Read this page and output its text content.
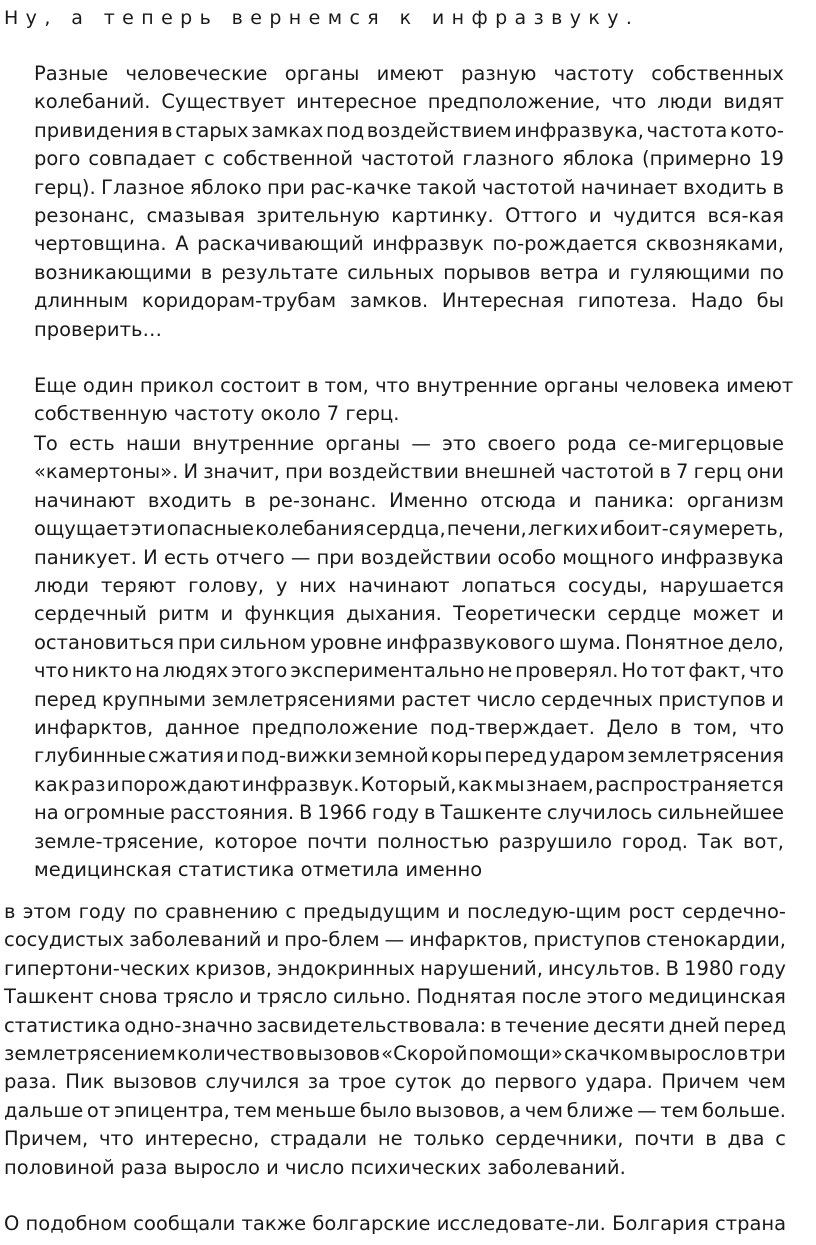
Ну, а теперь вернемся к инфразвуку.
Разные человеческие органы имеют разную частоту собственных
колебаний. Существует интересное предположение, что люди видят
привидения в старых замках под воздействием инфразвука, частота кото-
рого совпадает с собственной частотой глазного яблока (примерно 19
герц). Глазное яблоко при рас-качке такой частотой начинает входить в
резонанс, смазывая зрительную картинку. Оттого и чудится вся-кая
чертовщина. А раскачивающий инфразвук по-рождается сквозняками,
возникающими в результате сильных порывов ветра и гуляющими по
длинным коридорам-трубам замков. Интересная гипотеза. Надо бы
проверить…
Еще один прикол состоит в том, что внутренние органы человека имеют
собственную частоту около 7 герц.
То есть наши внутренние органы — это своего рода се-мигерцовые
«камертоны». И значит, при воздействии внешней частотой в 7 герц они
начинают входить в ре-зонанс. Именно отсюда и паника: организм
ощущает эти опасные колебания сердца, печени, легких и боит-ся умереть,
паникует. И есть отчего — при воздействии особо мощного инфразвука
люди теряют голову, у них начинают лопаться сосуды, нарушается
сердечный ритм и функция дыхания. Теоретически сердце может и
остановиться при сильном уровне инфразвукового шума. Понятное дело,
что никто на людях этого экспериментально не проверял. Но тот факт, что
перед крупными землетрясениями растет число сердечных приступов и
инфарктов, данное предположение под-тверждает. Дело в том, что
глубинные сжатия и под-вижки земной коры перед ударом землетрясения
как раз и порождают инфразвук. Который, как мы знаем, распространяется
на огромные расстояния. В 1966 году в Ташкенте случилось сильнейшее
земле-трясение, которое почти полностью разрушило город. Так вот,
медицинская статистика отметила именно
в этом году по сравнению с предыдущим и последую-щим рост сердечно-
сосудистых заболеваний и про-блем — инфарктов, приступов стенокардии,
гипертони-ческих кризов, эндокринных нарушений, инсультов. В 1980 году
Ташкент снова трясло и трясло сильно. Поднятая после этого медицинская
статистика одно-значно засвидетельствовала: в течение десяти дней перед
землетрясением количество вызовов «Скорой помощи» скачком выросло в три
раза. Пик вызовов случился за трое суток до первого удара. Причем чем
дальше от эпицентра, тем меньше было вызовов, а чем ближе — тем больше.
Причем, что интересно, страдали не только сердечники, почти в два с
половиной раза выросло и число психических заболеваний.
О подобном сообщали также болгарские исследовате-ли. Болгария страна
